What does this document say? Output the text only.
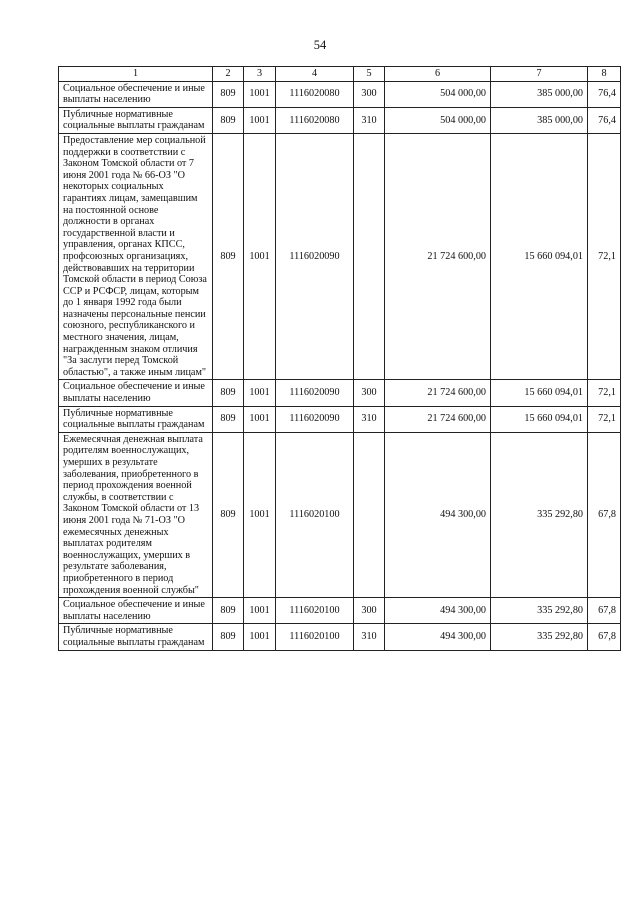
54
1	2	3	4	5	6	7	8
Социальное обеспечение и иные выплаты населению	809	1001	1116020080	300	504 000,00	385 000,00	76,4
Публичные нормативные социальные выплаты гражданам	809	1001	1116020080	310	504 000,00	385 000,00	76,4
Предоставление мер социальной поддержки в соответствии с Законом Томской области от 7 июня 2001 года № 66-ОЗ "О некоторых социальных гарантиях лицам, замещавшим на постоянной основе должности в органах государственной власти и управления, органах КПСС, профсоюзных организациях, действовавших на территории Томской области в период Союза ССР и РСФСР, лицам, которым до 1 января 1992 года были назначены персональные пенсии союзного, республиканского и местного значения, лицам, награжденным знаком отличия "За заслуги перед Томской областью", а также иным лицам"	809	1001	1116020090		21 724 600,00	15 660 094,01	72,1
Социальное обеспечение и иные выплаты населению	809	1001	1116020090	300	21 724 600,00	15 660 094,01	72,1
Публичные нормативные социальные выплаты гражданам	809	1001	1116020090	310	21 724 600,00	15 660 094,01	72,1
Ежемесячная денежная выплата родителям военнослужащих, умерших в результате заболевания, приобретенного в период прохождения военной службы, в соответствии с Законом Томской области от 13 июня 2001 года № 71-ОЗ "О ежемесячных денежных выплатах родителям военнослужащих, умерших в результате заболевания, приобретенного в период прохождения военной службы"	809	1001	1116020100		494 300,00	335 292,80	67,8
Социальное обеспечение и иные выплаты населению	809	1001	1116020100	300	494 300,00	335 292,80	67,8
Публичные нормативные социальные выплаты гражданам	809	1001	1116020100	310	494 300,00	335 292,80	67,8
